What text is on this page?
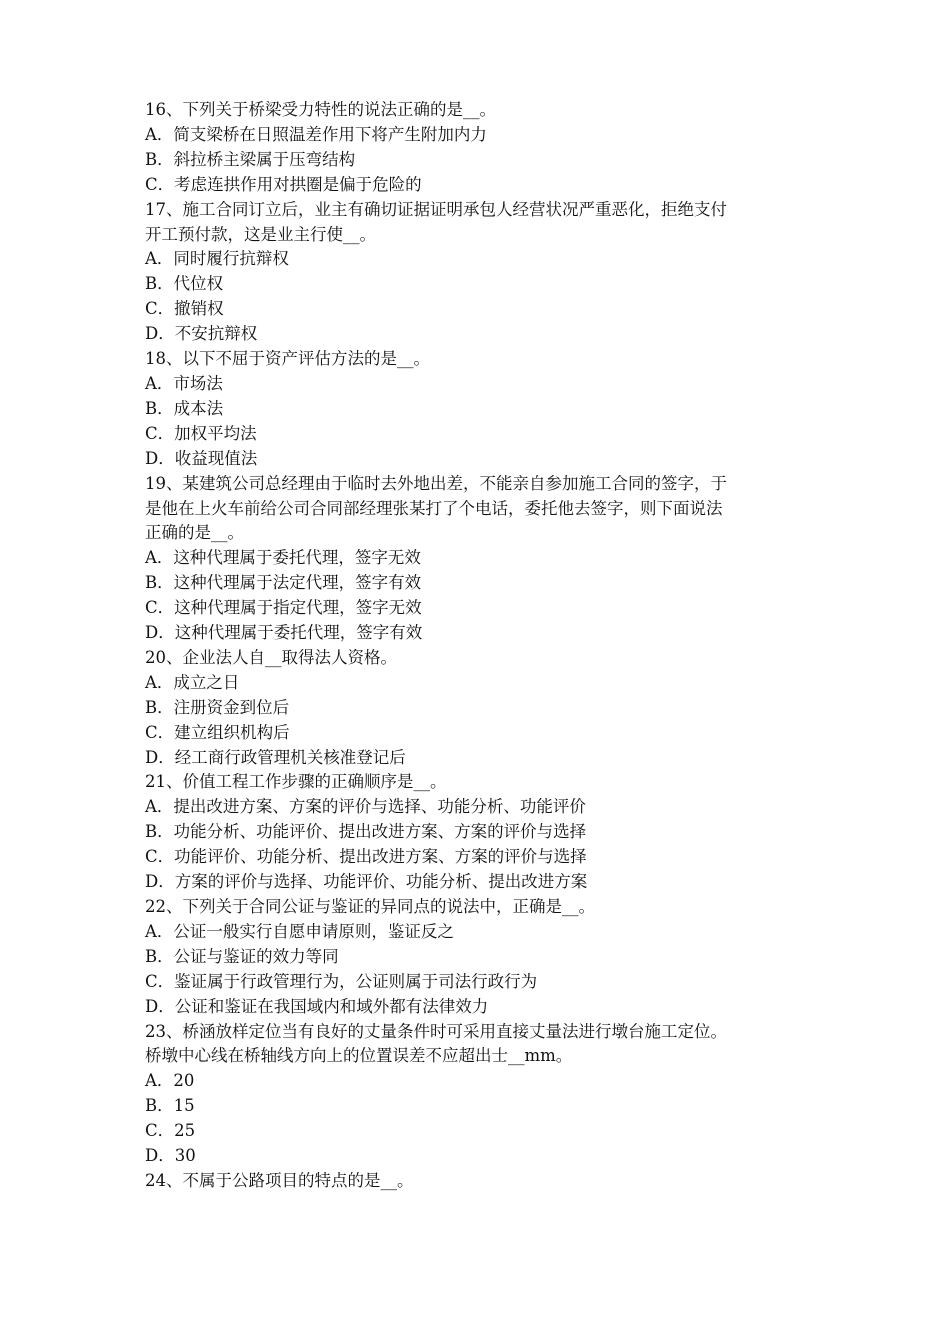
16、下列关于桥梁受力特性的说法正确的是__。
A．简支梁桥在日照温差作用下将产生附加内力
B．斜拉桥主梁属于压弯结构
C．考虑连拱作用对拱圈是偏于危险的
17、施工合同订立后，业主有确切证据证明承包人经营状况严重恶化，拒绝支付
开工预付款，这是业主行使__。
A．同时履行抗辩权
B．代位权
C．撤销权
D．不安抗辩权
18、以下不屈于资产评估方法的是__。
A．市场法
B．成本法
C．加权平均法
D．收益现值法
19、某建筑公司总经理由于临时去外地出差，不能亲自参加施工合同的签字，于
是他在上火车前给公司合同部经理张某打了个电话，委托他去签字，则下面说法
正确的是__。
A．这种代理属于委托代理，签字无效
B．这种代理属于法定代理，签字有效
C．这种代理属于指定代理，签字无效
D．这种代理属于委托代理，签字有效
20、企业法人自__取得法人资格。
A．成立之日
B．注册资金到位后
C．建立组织机构后
D．经工商行政管理机关核准登记后
21、价值工程工作步骤的正确顺序是__。
A．提出改进方案、方案的评价与选择、功能分析、功能评价
B．功能分析、功能评价、提出改进方案、方案的评价与选择
C．功能评价、功能分析、提出改进方案、方案的评价与选择
D．方案的评价与选择、功能评价、功能分析、提出改进方案
22、下列关于合同公证与鉴证的异同点的说法中，正确是__。
A．公证一般实行自愿申请原则，鉴证反之
B．公证与鉴证的效力等同
C．鉴证属于行政管理行为，公证则属于司法行政行为
D．公证和鉴证在我国域内和域外都有法律效力
23、桥涵放样定位当有良好的丈量条件时可采用直接丈量法进行墩台施工定位。
桥墩中心线在桥轴线方向上的位置误差不应超出士__mm。
A．20
B．15
C．25
D．30
24、不属于公路项目的特点的是__。
